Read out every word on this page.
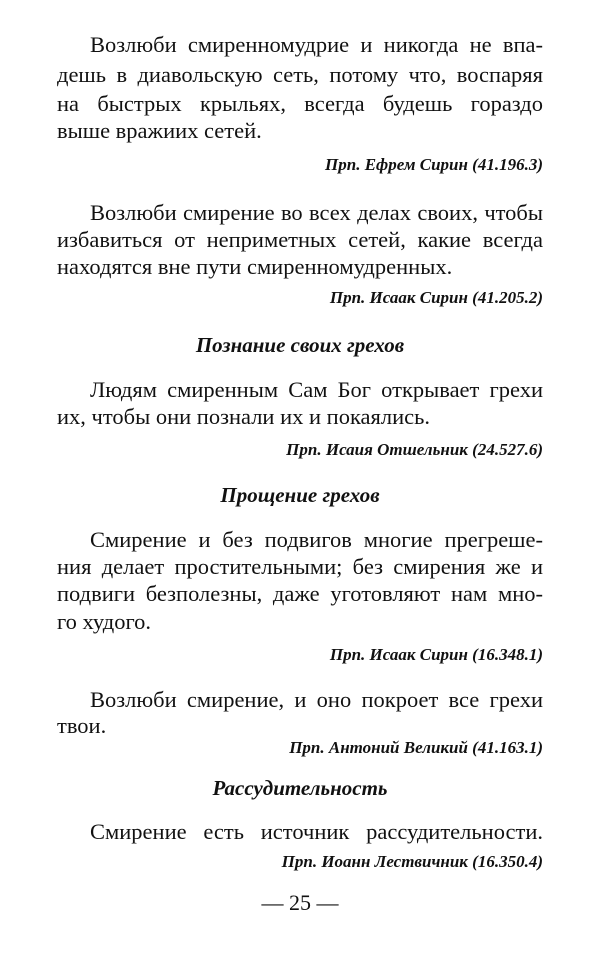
Возлюби смиренномудрие и никогда не впа-
дешь в диавольскую сеть, потому что, воспаряя
на быстрых крыльях, всегда будешь гораздо
выше вражиих сетей.
Прп. Ефрем Сирин (41.196.3)
Возлюби смирение во всех делах своих, чтобы
избавиться от неприметных сетей, какие всегда
находятся вне пути смиренномудренных.
Прп. Исаак Сирин (41.205.2)
Познание своих грехов
Людям смиренным Сам Бог открывает грехи
их, чтобы они познали их и покаялись.
Прп. Исаия Отшельник (24.527.6)
Прощение грехов
Смирение и без подвигов многие прегреше-
ния делает простительными; без смирения же и
подвиги безполезны, даже уготовляют нам мно-
го худого.
Прп. Исаак Сирин (16.348.1)
Возлюби смирение, и оно покроет все грехи
твои.
Прп. Антоний Великий (41.163.1)
Рассудительность
Смирение есть источник рассудительности.
Прп. Иоанн Лествичник (16.350.4)
— 25 —
